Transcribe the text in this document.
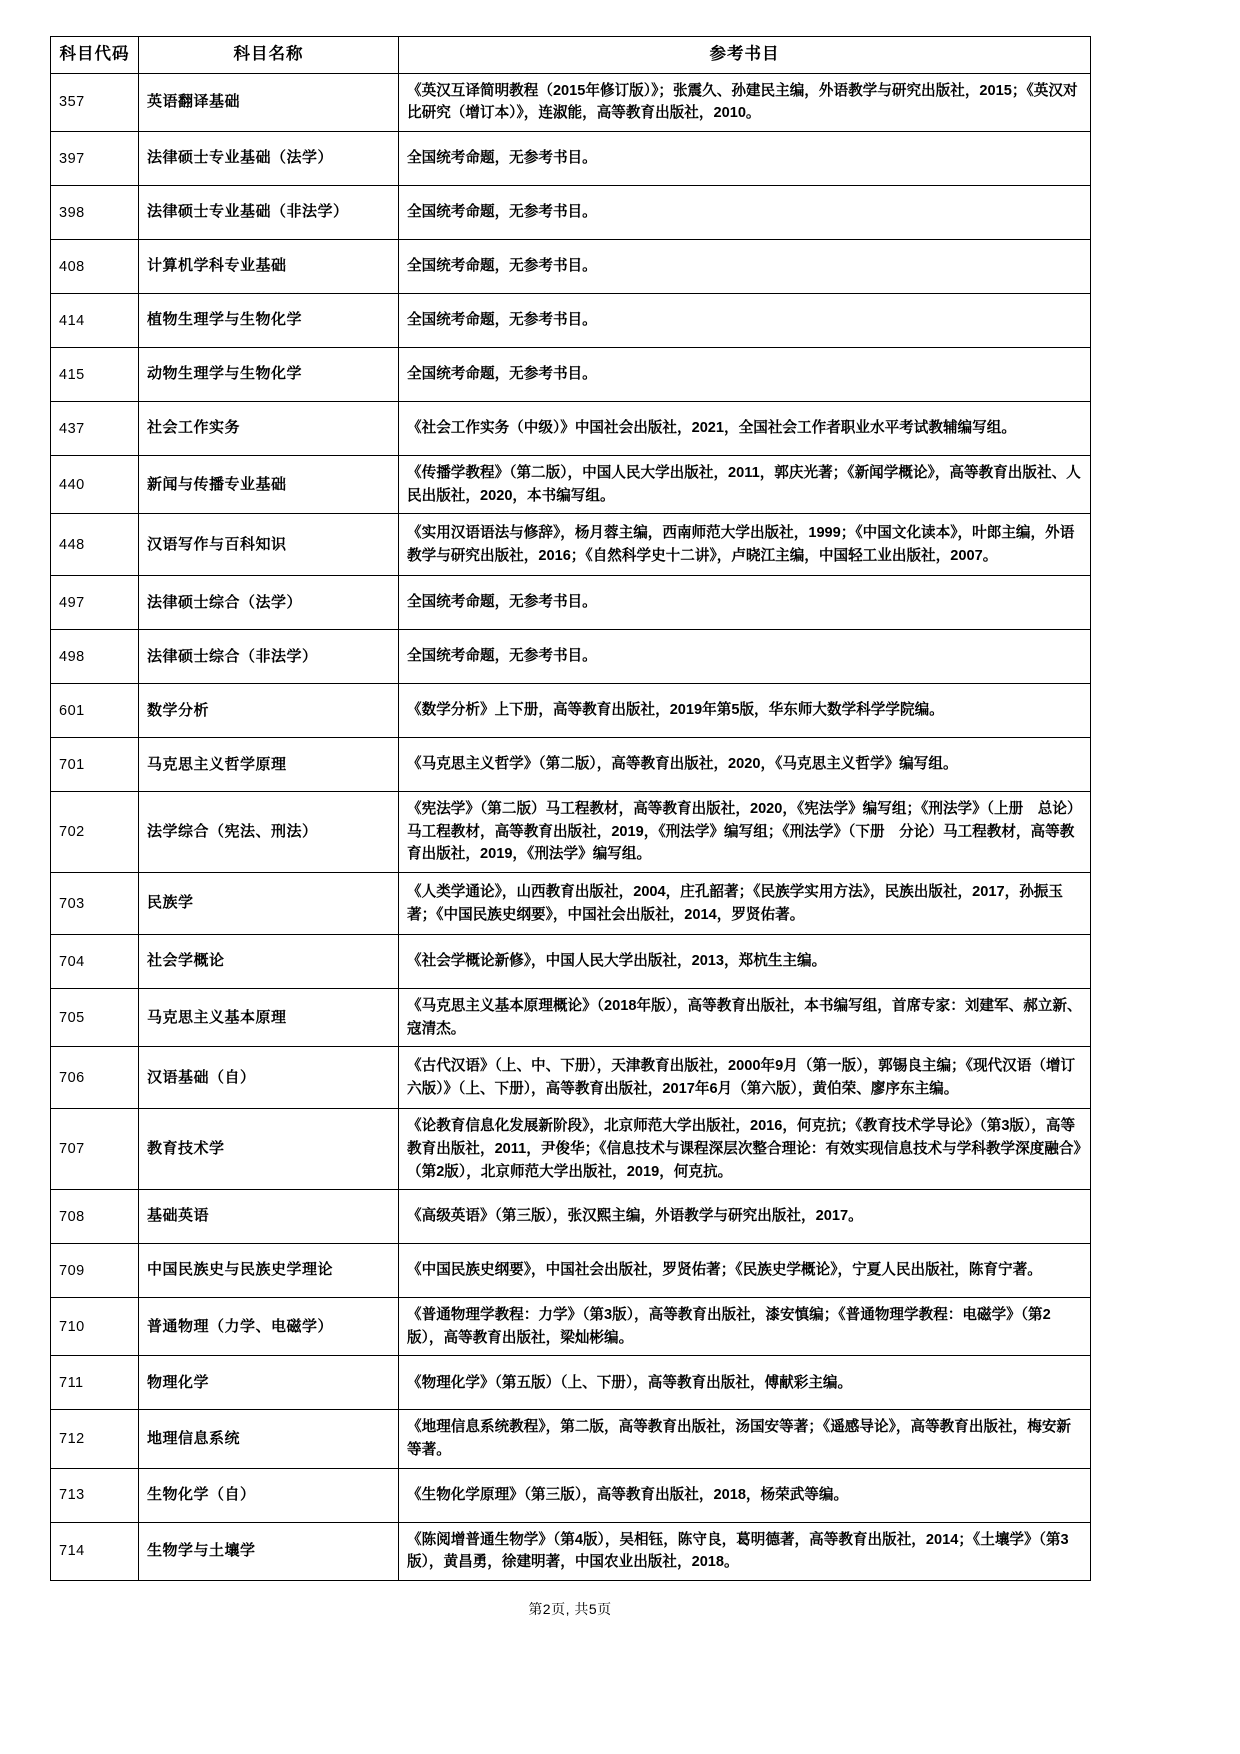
科目代码	科目名称	参考书目
357	英语翻译基础	《英汉互译简明教程（2015年修订版）》；张震久、孙建民主编，外语教学与研究出版社，2015；《英汉对比研究（增订本）》，连淑能，高等教育出版社，2010。
397	法律硕士专业基础（法学）	全国统考命题，无参考书目。
398	法律硕士专业基础（非法学）	全国统考命题，无参考书目。
408	计算机学科专业基础	全国统考命题，无参考书目。
414	植物生理学与生物化学	全国统考命题，无参考书目。
415	动物生理学与生物化学	全国统考命题，无参考书目。
437	社会工作实务	《社会工作实务（中级）》中国社会出版社，2021，全国社会工作者职业水平考试教辅编写组。
440	新闻与传播专业基础	《传播学教程》（第二版），中国人民大学出版社，2011，郭庆光著；《新闻学概论》，高等教育出版社、人民出版社，2020，本书编写组。
448	汉语写作与百科知识	《实用汉语语法与修辞》，杨月蓉主编，西南师范大学出版社，1999；《中国文化读本》，叶郎主编，外语教学与研究出版社，2016；《自然科学史十二讲》，卢晓江主编，中国轻工业出版社，2007。
497	法律硕士综合（法学）	全国统考命题，无参考书目。
498	法律硕士综合（非法学）	全国统考命题，无参考书目。
601	数学分析	《数学分析》上下册，高等教育出版社，2019年第5版，华东师大数学科学学院编。
701	马克思主义哲学原理	《马克思主义哲学》（第二版），高等教育出版社，2020，《马克思主义哲学》编写组。
702	法学综合（宪法、刑法）	《宪法学》（第二版）马工程教材，高等教育出版社，2020，《宪法学》编写组；《刑法学》（上册　总论）马工程教材，高等教育出版社，2019，《刑法学》编写组；《刑法学》（下册　分论）马工程教材，高等教育出版社，2019，《刑法学》编写组。
703	民族学	《人类学通论》，山西教育出版社，2004，庄孔韶著；《民族学实用方法》，民族出版社，2017，孙振玉著；《中国民族史纲要》，中国社会出版社，2014，罗贤佑著。
704	社会学概论	《社会学概论新修》，中国人民大学出版社，2013，郑杭生主编。
705	马克思主义基本原理	《马克思主义基本原理概论》（2018年版），高等教育出版社，本书编写组，首席专家：刘建军、郝立新、寇清杰。
706	汉语基础（自）	《古代汉语》（上、中、下册），天津教育出版社，2000年9月（第一版），郭锡良主编；《现代汉语（增订六版）》（上、下册），高等教育出版社，2017年6月（第六版），黄伯荣、廖序东主编。
707	教育技术学	《论教育信息化发展新阶段》，北京师范大学出版社，2016，何克抗；《教育技术学导论》（第3版），高等教育出版社，2011，尹俊华；《信息技术与课程深层次整合理论：有效实现信息技术与学科教学深度融合》（第2版），北京师范大学出版社，2019，何克抗。
708	基础英语	《高级英语》（第三版），张汉熙主编，外语教学与研究出版社，2017。
709	中国民族史与民族史学理论	《中国民族史纲要》，中国社会出版社，罗贤佑著；《民族史学概论》，宁夏人民出版社，陈育宁著。
710	普通物理（力学、电磁学）	《普通物理学教程：力学》（第3版），高等教育出版社，漆安慎编；《普通物理学教程：电磁学》（第2版），高等教育出版社，梁灿彬编。
711	物理化学	《物理化学》（第五版）（上、下册），高等教育出版社，傅献彩主编。
712	地理信息系统	《地理信息系统教程》，第二版，高等教育出版社，汤国安等著；《遥感导论》，高等教育出版社，梅安新等著。
713	生物化学（自）	《生物化学原理》（第三版），高等教育出版社，2018，杨荣武等编。
714	生物学与土壤学	《陈阅增普通生物学》（第4版），吴相钰，陈守良，葛明德著，高等教育出版社，2014；《土壤学》（第3版），黄昌勇，徐建明著，中国农业出版社，2018。
第2页, 共5页
